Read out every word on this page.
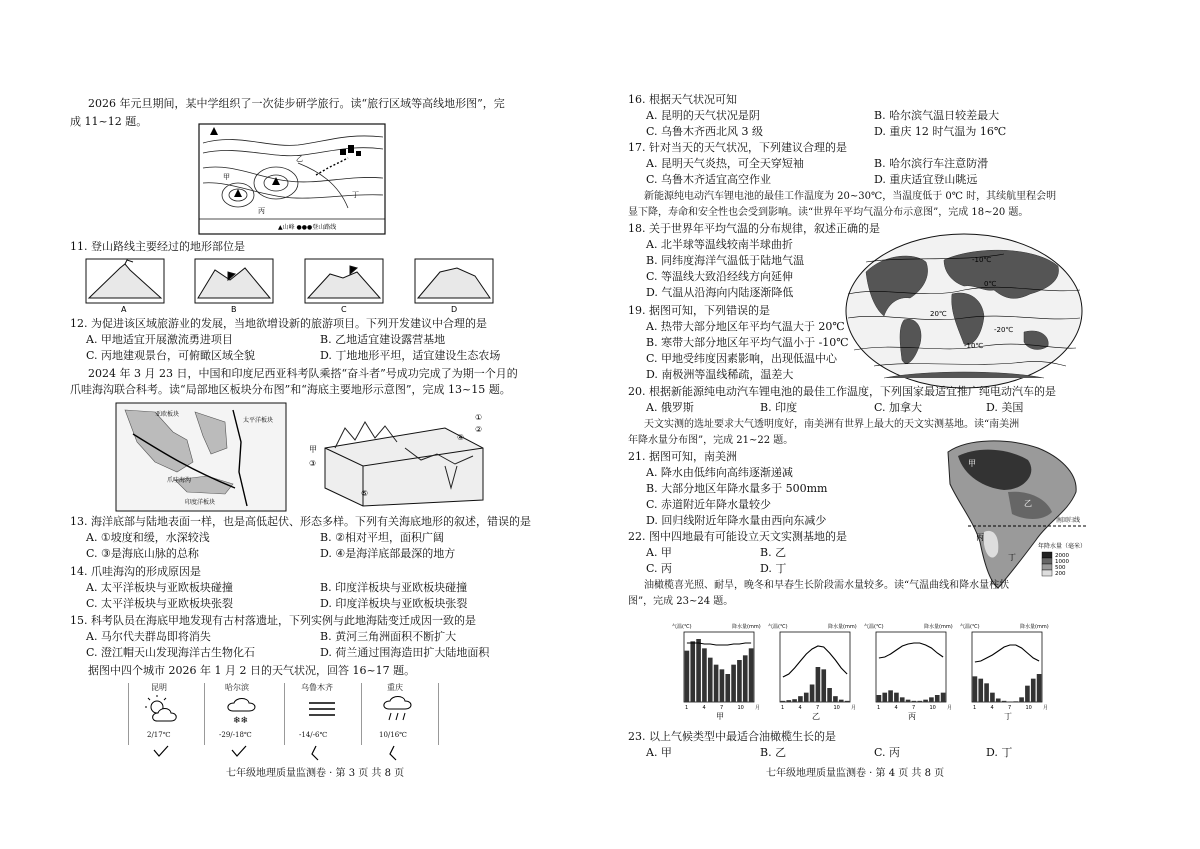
2026 年元旦期间，某中学组织了一次徒步研学旅行。读“旅行区域等高线地形图”，完
成 11~12 题。
甲
乙
丙
丁
▲山峰 ●●●登山路线
11. 登山路线主要经过的地形部位是
A	B	C	D
12. 为促进该区域旅游业的发展，当地欲增设新的旅游项目。下列开发建议中合理的是
A. 甲地适宜开展激流勇进项目	B. 乙地适宜建设露营基地
C. 丙地建观景台，可俯瞰区域全貌	D. 丁地地形平坦，适宜建设生态农场
2024 年 3 月 23 日，中国和印度尼西亚科考队乘搭“奋斗者”号成功完成了为期一个月的
爪哇海沟联合科考。读“局部地区板块分布图”和“海底主要地形示意图”，完成 13~15 题。
亚欧板块
太平洋板块
爪哇海沟
印度洋板块
①
②
③
④
⑤
甲
13. 海洋底部与陆地表面一样，也是高低起伏、形态多样。下列有关海底地形的叙述，错误的是
A. ①坡度和缓，水深较浅	B. ②相对平坦，面积广阔
C. ③是海底山脉的总称	D. ④是海洋底部最深的地方
14. 爪哇海沟的形成原因是
A. 太平洋板块与亚欧板块碰撞	B. 印度洋板块与亚欧板块碰撞
C. 太平洋板块与亚欧板块张裂	D. 印度洋板块与亚欧板块张裂
15. 科考队员在海底甲地发现有古村落遗址，下列实例与此地海陆变迁成因一致的是
A. 马尔代夫群岛即将消失	B. 黄河三角洲面积不断扩大
C. 澄江帽天山发现海洋古生物化石	D. 荷兰通过围海造田扩大陆地面积
据图中四个城市 2026 年 1 月 2 日的天气状况，回答 16~17 题。
昆明	哈尔滨	乌鲁木齐	重庆
❄❄
2/17℃	-29/-18℃	-14/-6℃	10/16℃
七年级地理质量监测卷 · 第 3 页 共 8 页
16. 根据天气状况可知
A. 昆明的天气状况是阴	B. 哈尔滨气温日较差最大
C. 乌鲁木齐西北风 3 级	D. 重庆 12 时气温为 16℃
17. 针对当天的天气状况，下列建议合理的是
A. 昆明天气炎热，可全天穿短袖	B. 哈尔滨行车注意防滑
C. 乌鲁木齐适宜高空作业	D. 重庆适宜登山眺远
新能源纯电动汽车锂电池的最佳工作温度为 20~30℃，当温度低于 0℃ 时，其续航里程会明
显下降，寿命和安全性也会受到影响。读“世界年平均气温分布示意图”，完成 18~20 题。
18. 关于世界年平均气温的分布规律，叙述正确的是
A. 北半球等温线较南半球曲折
B. 同纬度海洋气温低于陆地气温
C. 等温线大致沿经线方向延伸
D. 气温从沿海向内陆逐渐降低
-10℃
0℃
20℃
-20℃
-10℃
19. 据图可知，下列错误的是
A. 热带大部分地区年平均气温大于 20℃
B. 寒带大部分地区年平均气温小于 -10℃
C. 甲地受纬度因素影响，出现低温中心
D. 南极洲等温线稀疏，温差大
20. 根据新能源纯电动汽车锂电池的最佳工作温度，下列国家最适宜推广纯电动汽车的是
A. 俄罗斯	B. 印度	C. 加拿大	D. 美国
天文实测的选址要求大气透明度好，南美洲有世界上最大的天文实测基地。读“南美洲
年降水量分布图”，完成 21~22 题。
21. 据图可知，南美洲
A. 降水由低纬向高纬逐渐递减
B. 大部分地区年降水量多于 500mm
C. 赤道附近年降水量较少
D. 回归线附近年降水量由西向东减少
甲
乙
丙
丁
南回归线
年降水量（毫米）
2000
1000
500
200
22. 图中四地最有可能设立天文实测基地的是
A. 甲	B. 乙
C. 丙	D. 丁
油橄榄喜光照、耐旱，晚冬和早春生长阶段需水量较多。读“气温曲线和降水量柱状
图”，完成 23~24 题。
气温(℃)	降水量(mm)
1	4	7	10 月
甲
气温(℃)	降水量(mm)
1	4	7	10 月
乙
气温(℃)	降水量(mm)
1	4	7	10 月
丙
气温(℃)	降水量(mm)
1	4	7	10 月
丁
23. 以上气候类型中最适合油橄榄生长的是
A. 甲	B. 乙	C. 丙	D. 丁
七年级地理质量监测卷 · 第 4 页 共 8 页
